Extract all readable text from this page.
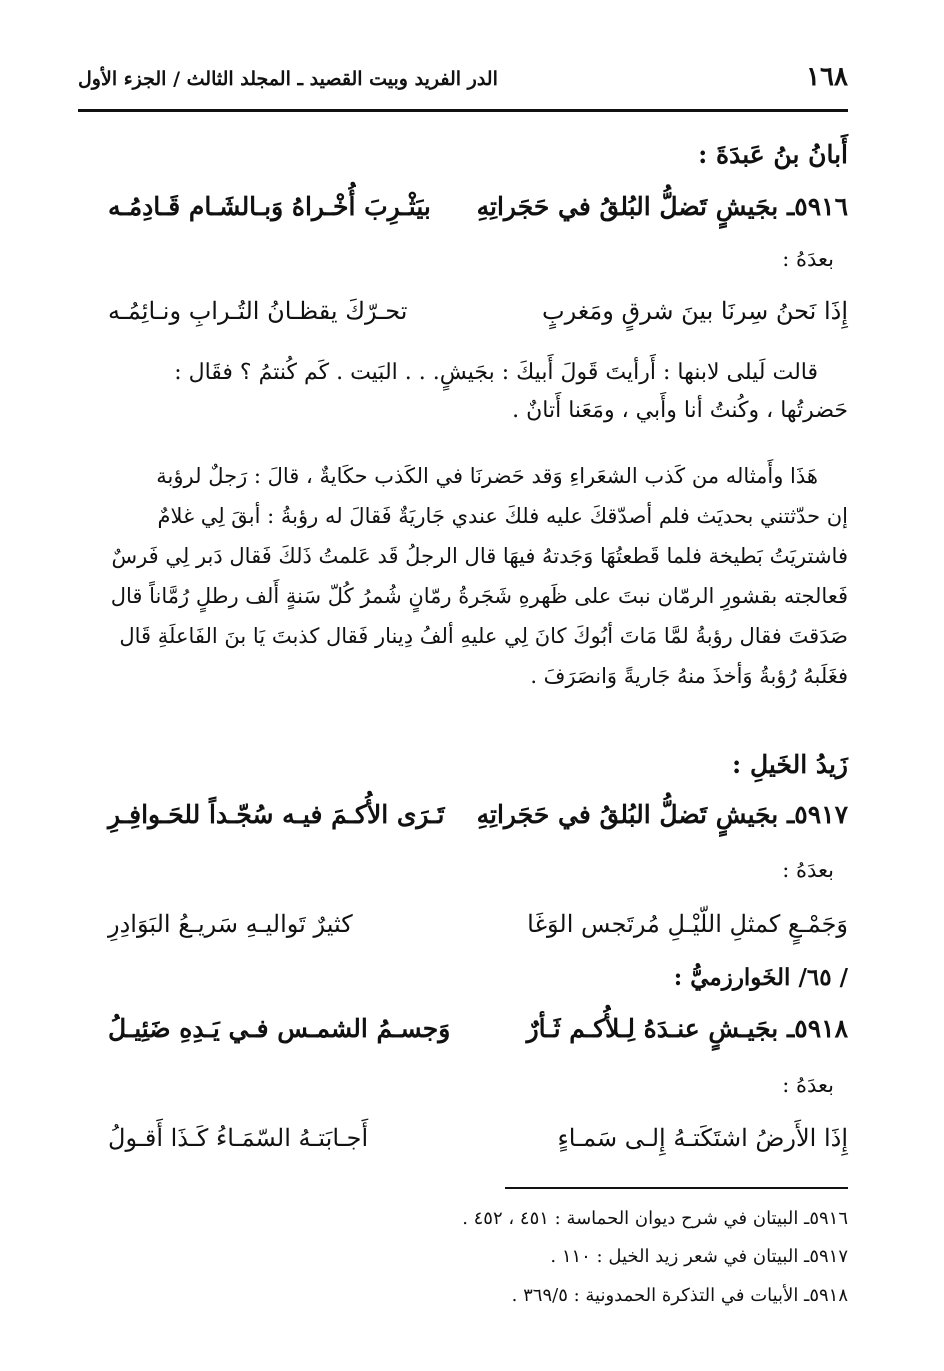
١٦٨
الدر الفريد وبيت القصيد ـ المجلد الثالث / الجزء الأول
أَبانُ بنُ عَبدَةَ :
٥٩١٦ـ بجَيشٍ تَضلُّ البُلقُ في حَجَراتِهِ
بيَثْـرِبَ أُخْـراهُ وَبـالشَـام قَـادِمُـه
بعدَهُ :
إِذَا نَحنُ سِرنَا بينَ شرقٍ ومَغربٍ
تحـرّكَ يقظـانُ التُـرابِ ونـائِمُـه

قالت لَيلى لابنها : أَرأيتَ قَولَ أَبيكَ : بجَيشٍ. . . البَيت . كَم كُنتمُ ؟ فقَال :

حَضرتُها ، وكُنتُ أنا وأَبي ، ومَعَنا أَتانٌ .

هَذَا وأَمثاله من كَذب الشعَراءِ وَقد حَضرنَا في الكَذب حكَايةٌ ، قالَ : رَجلٌ لرؤبة

إن حدّثتني بحديَث فلم أصدّقكَ عليه فلكَ عندي جَاريَةٌ فَقالَ له رؤبةُ : أبقَ لِي غلامٌ

فاشتريَتُ بَطيخة فلما قَطعتُهَا وَجَدتهُ فيهَا قال الرجلُ قَد عَلمتُ ذَلكَ فَقال دَبر لِي فَرسٌ

فَعالجته بقشورِ الرمّان نبتَ على ظَهرهِ شَجَرةُ رمّانٍ شُمرُ كُلّ سَنةٍ أَلف رطلٍ رُمَّاناً قال

صَدَقتَ فقال رؤبةُ لمَّا مَاتَ أبُوكَ كانَ لِي عليهِ ألفُ دِينار فَقال كذبتَ يَا بنَ الفَاعلَةِ قَال

فغَلَبهُ رُؤبةُ وَأخذَ منهُ جَاريةً وَانصَرَفَ .

زَيدُ الخَيلِ :
٥٩١٧ـ بجَيشٍ تَضلُّ البُلقُ في حَجَراتِهِ
تَـرَى الأُكـمَ فيـه سُجّـداً للحَـوافِـرِ
بعدَهُ :
وَجَمْـعٍ كمثلِ اللّيْـلِ مُرتَجس الوَغَا
كثيرٌ تَواليـهِ سَريـعُ البَوَادِرِ
/ ٦٥/ الخَوارزميُّ :
٥٩١٨ـ بجَيـشٍ عنـدَهُ لِـلأُكـم ثَـأرٌ
وَجسـمُ الشمـس فـي يَـدِهِ ضَئِيـلُ
بعدَهُ :
إِذَا الأَرضُ اشتَكَتـهُ إِلـى سَمـاءٍ
أَجـابَتـهُ السّمَـاءُ كَـذَا أَقـولُ
٥٩١٦ـ البيتان في شرح ديوان الحماسة : ٤٥١ ، ٤٥٢ .
٥٩١٧ـ البيتان في شعر زيد الخيل : ١١٠ .
٥٩١٨ـ الأبيات في التذكرة الحمدونية : ٣٦٩/٥ .
